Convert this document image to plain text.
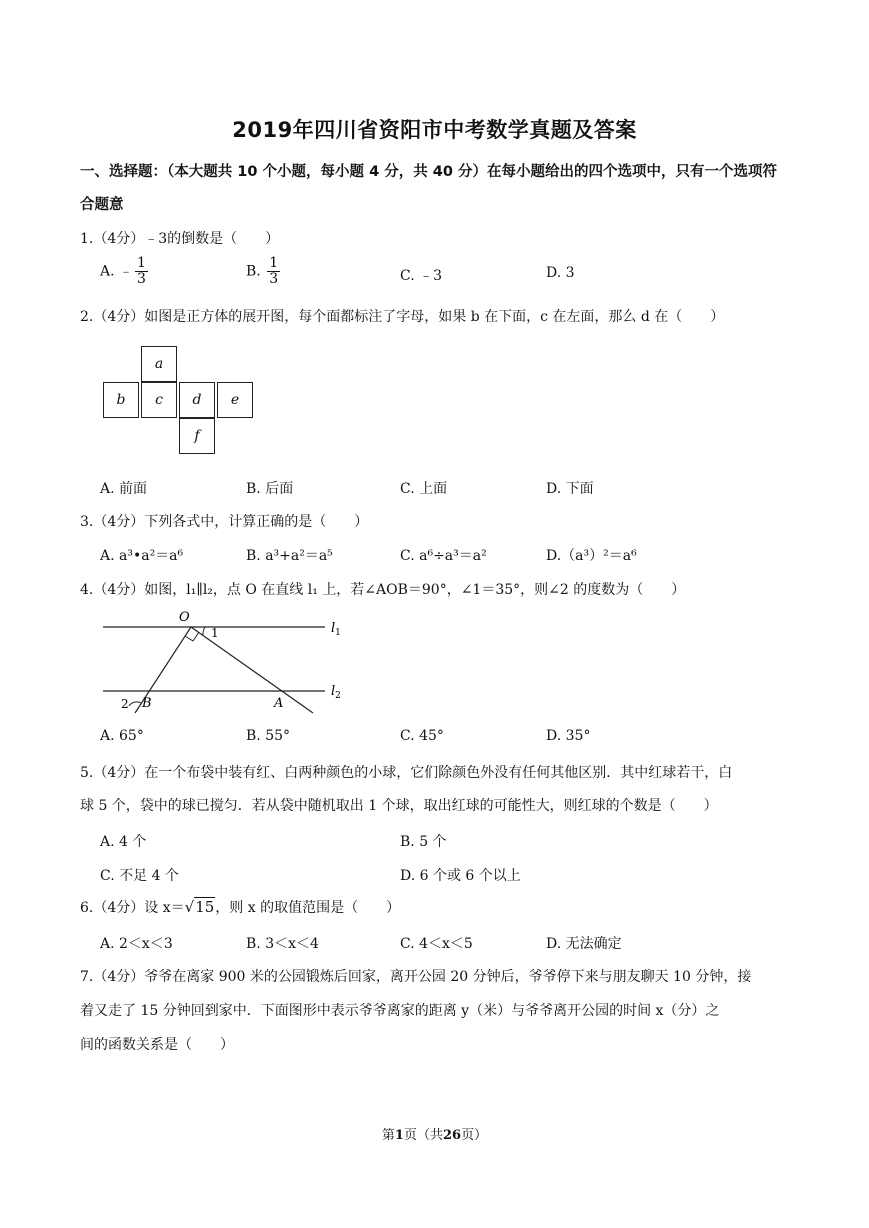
2019年四川省资阳市中考数学真题及答案
一、选择题：（本大题共 10 个小题，每小题 4 分，共 40 分）在每小题给出的四个选项中，只有一个选项符
合题意
1.（4分）﹣3的倒数是（　　）
A. ﹣ $\frac{1}{3}$	B. $\frac{1}{3}$	C. ﹣3	D. 3
2.（4分）如图是正方体的展开图，每个面都标注了字母，如果 b 在下面，c 在左面，那么 d 在（　　）
a
b	c	d	e
f
A. 前面	B. 后面	C. 上面	D. 下面
3.（4分）下列各式中，计算正确的是（　　）
A. a³•a²＝a⁶	B. a³+a²＝a⁵	C. a⁶÷a³＝a²	D.（a³）²＝a⁶
4.（4分）如图，l₁∥l₂，点 O 在直线 l₁ 上，若∠AOB＝90°，∠1＝35°，则∠2 的度数为（　　）
O
1	$l_1$
$l_2$
2 B	A
A. 65°	B. 55°	C. 45°	D. 35°
5.（4分）在一个布袋中装有红、白两种颜色的小球，它们除颜色外没有任何其他区别．其中红球若干，白
球 5 个，袋中的球已搅匀．若从袋中随机取出 1 个球，取出红球的可能性大，则红球的个数是（　　）
A. 4 个	B. 5 个
C. 不足 4 个	D. 6 个或 6 个以上
6.（4分）设 x＝√15，则 x 的取值范围是（　　）
A. 2＜x＜3	B. 3＜x＜4	C. 4＜x＜5	D. 无法确定
7.（4分）爷爷在离家 900 米的公园锻炼后回家，离开公园 20 分钟后，爷爷停下来与朋友聊天 10 分钟，接
着又走了 15 分钟回到家中．下面图形中表示爷爷离家的距离 y（米）与爷爷离开公园的时间 x（分）之
间的函数关系是（　　）
第1页（共26页）
